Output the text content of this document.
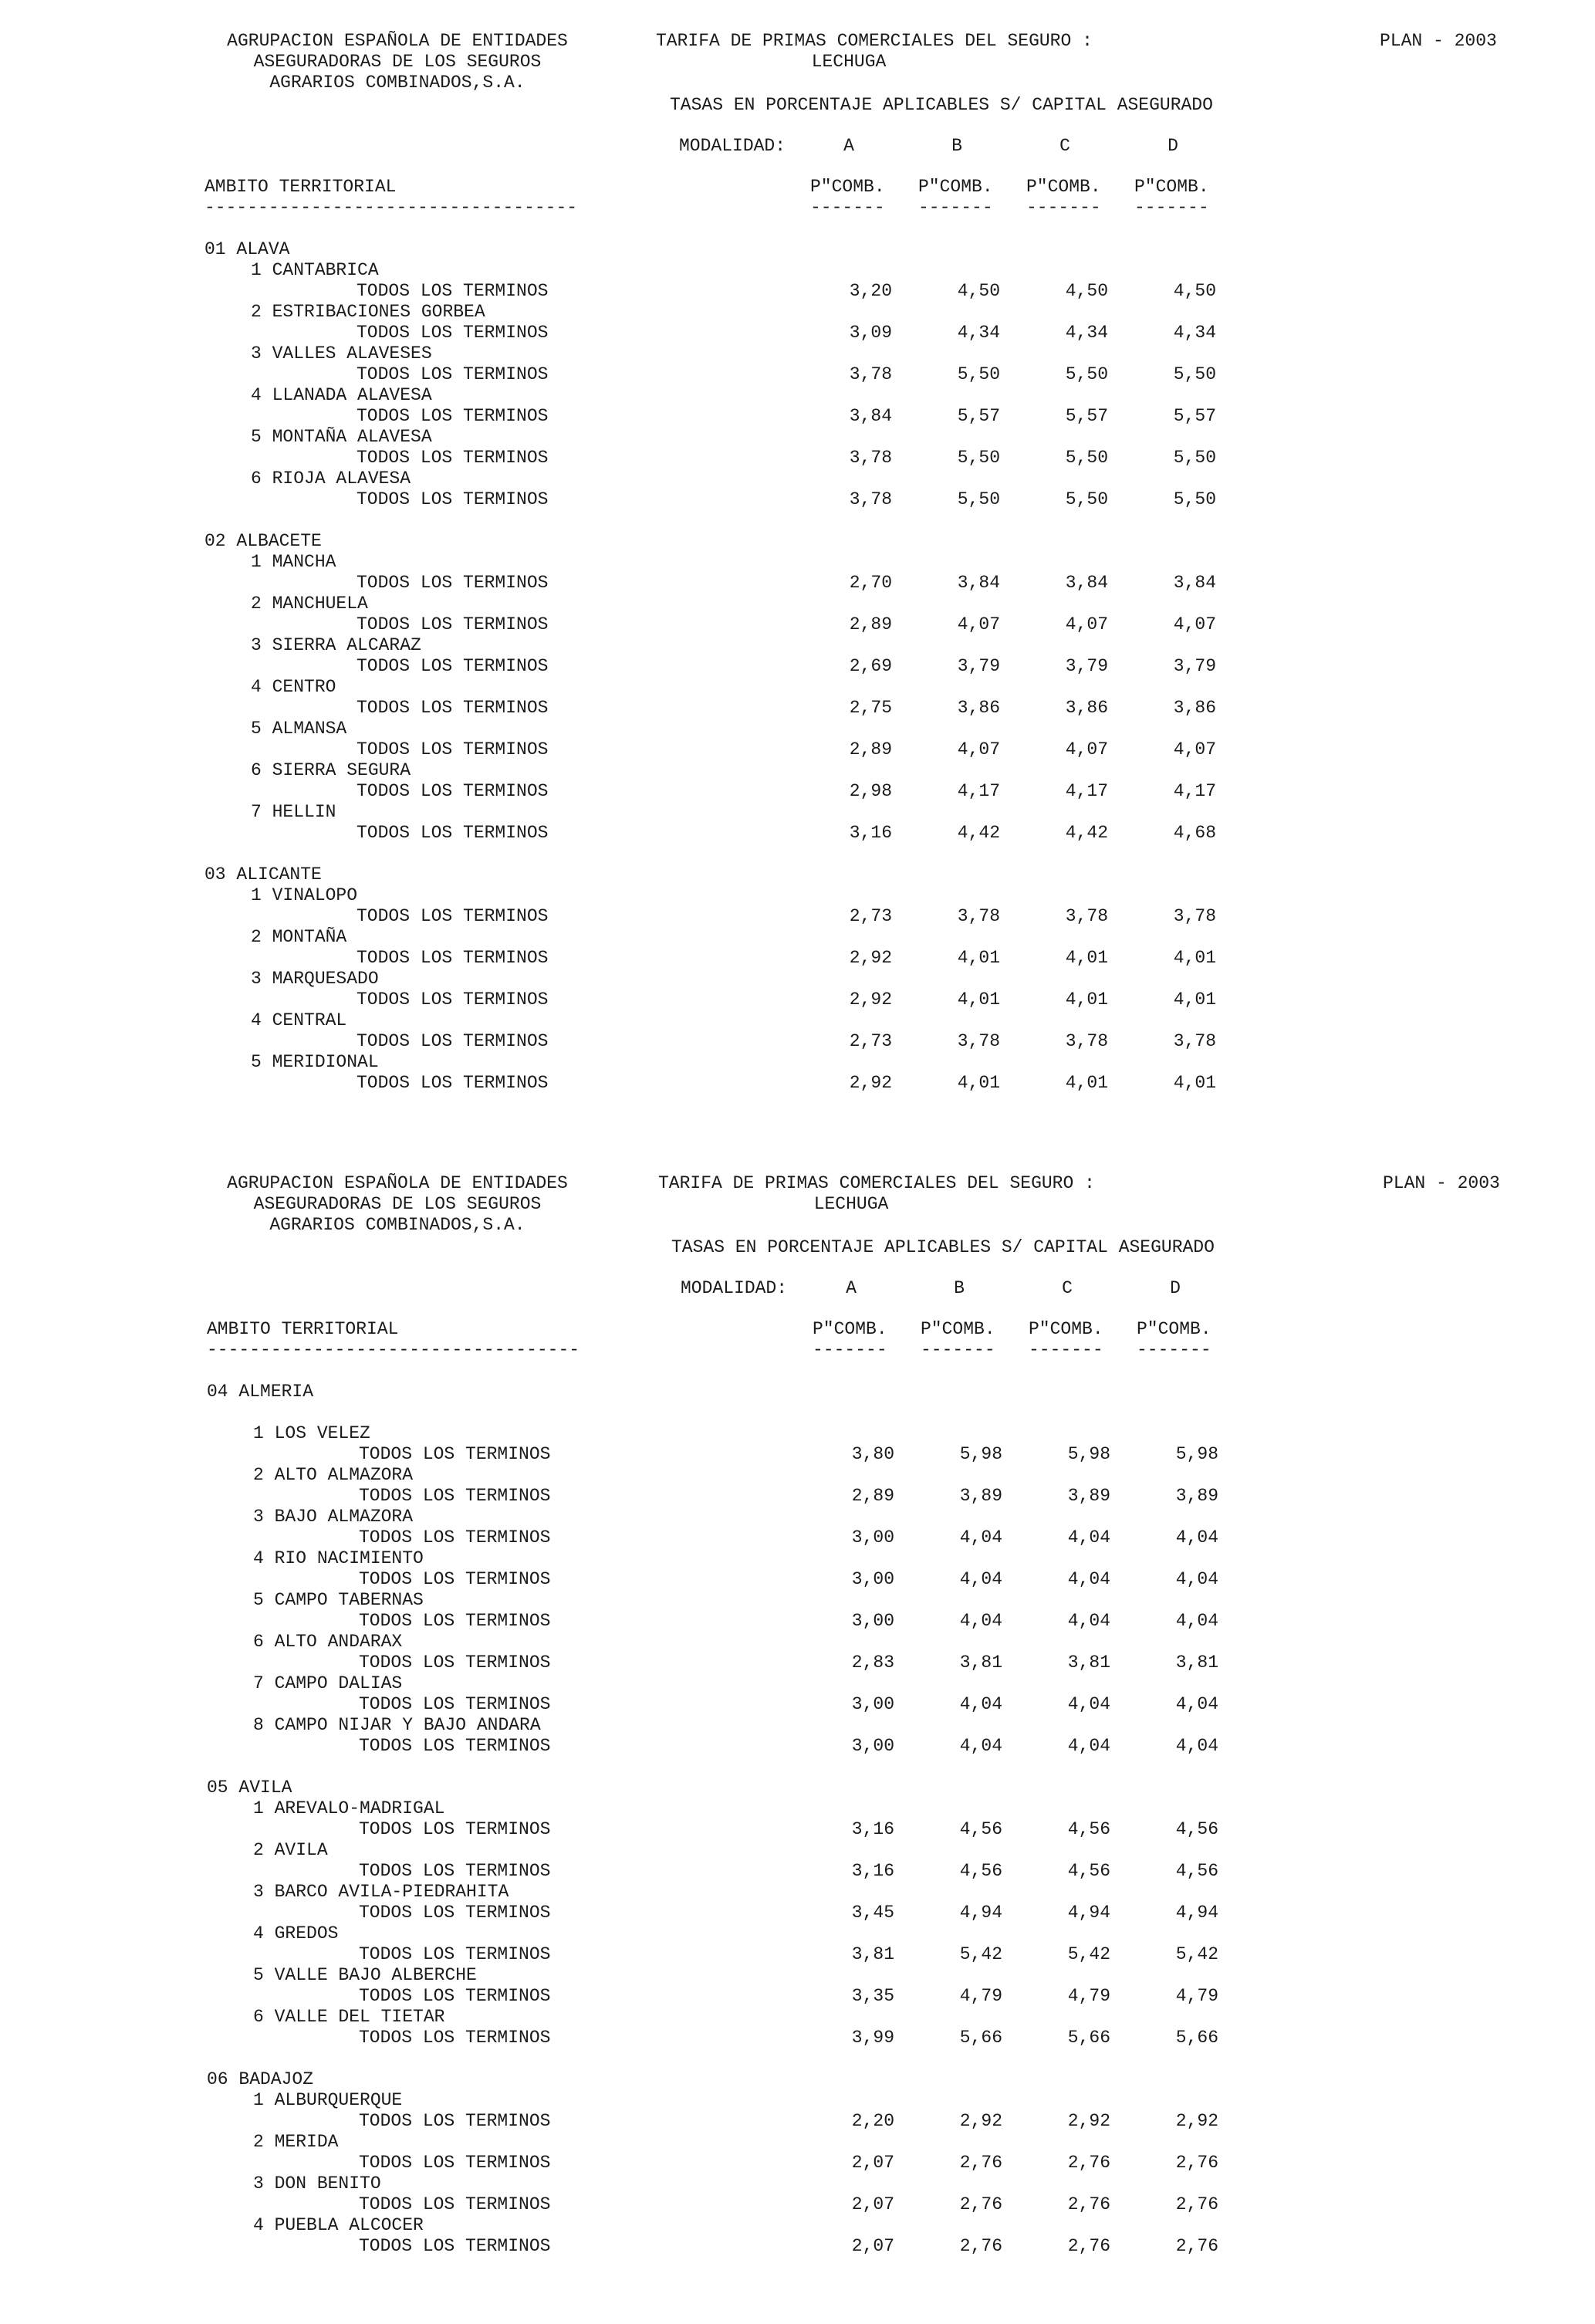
AGRUPACION ESPAÑOLA DE ENTIDADES
ASEGURADORAS DE LOS SEGUROS
AGRARIOS COMBINADOS,S.A.
TARIFA DE PRIMAS COMERCIALES DEL SEGURO :
LECHUGA
PLAN - 2003
TASAS EN PORCENTAJE APLICABLES S/ CAPITAL ASEGURADO
MODALIDAD:	A	B	C	D
AMBITO TERRITORIAL	P"COMB. P"COMB. P"COMB. P"COMB.
-----------------------------------	------- ------- ------- -------
01 ALAVA
1 CANTABRICA
TODOS LOS TERMINOS	3,20	4,50	4,50	4,50
2 ESTRIBACIONES GORBEA
TODOS LOS TERMINOS	3,09	4,34	4,34	4,34
3 VALLES ALAVESES
TODOS LOS TERMINOS	3,78	5,50	5,50	5,50
4 LLANADA ALAVESA
TODOS LOS TERMINOS	3,84	5,57	5,57	5,57
5 MONTAÑA ALAVESA
TODOS LOS TERMINOS	3,78	5,50	5,50	5,50
6 RIOJA ALAVESA
TODOS LOS TERMINOS	3,78	5,50	5,50	5,50
02 ALBACETE
1 MANCHA
TODOS LOS TERMINOS	2,70	3,84	3,84	3,84
2 MANCHUELA
TODOS LOS TERMINOS	2,89	4,07	4,07	4,07
3 SIERRA ALCARAZ
TODOS LOS TERMINOS	2,69	3,79	3,79	3,79
4 CENTRO
TODOS LOS TERMINOS	2,75	3,86	3,86	3,86
5 ALMANSA
TODOS LOS TERMINOS	2,89	4,07	4,07	4,07
6 SIERRA SEGURA
TODOS LOS TERMINOS	2,98	4,17	4,17	4,17
7 HELLIN
TODOS LOS TERMINOS	3,16	4,42	4,42	4,68
03 ALICANTE
1 VINALOPO
TODOS LOS TERMINOS	2,73	3,78	3,78	3,78
2 MONTAÑA
TODOS LOS TERMINOS	2,92	4,01	4,01	4,01
3 MARQUESADO
TODOS LOS TERMINOS	2,92	4,01	4,01	4,01
4 CENTRAL
TODOS LOS TERMINOS	2,73	3,78	3,78	3,78
5 MERIDIONAL
TODOS LOS TERMINOS	2,92	4,01	4,01	4,01
AGRUPACION ESPAÑOLA DE ENTIDADES
ASEGURADORAS DE LOS SEGUROS
AGRARIOS COMBINADOS,S.A.
TARIFA DE PRIMAS COMERCIALES DEL SEGURO :
LECHUGA
PLAN - 2003
TASAS EN PORCENTAJE APLICABLES S/ CAPITAL ASEGURADO
MODALIDAD:	A	B	C	D
AMBITO TERRITORIAL	P"COMB. P"COMB. P"COMB. P"COMB.
-----------------------------------	------- ------- ------- -------
04 ALMERIA
1 LOS VELEZ
TODOS LOS TERMINOS	3,80	5,98	5,98	5,98
2 ALTO ALMAZORA
TODOS LOS TERMINOS	2,89	3,89	3,89	3,89
3 BAJO ALMAZORA
TODOS LOS TERMINOS	3,00	4,04	4,04	4,04
4 RIO NACIMIENTO
TODOS LOS TERMINOS	3,00	4,04	4,04	4,04
5 CAMPO TABERNAS
TODOS LOS TERMINOS	3,00	4,04	4,04	4,04
6 ALTO ANDARAX
TODOS LOS TERMINOS	2,83	3,81	3,81	3,81
7 CAMPO DALIAS
TODOS LOS TERMINOS	3,00	4,04	4,04	4,04
8 CAMPO NIJAR Y BAJO ANDARA
TODOS LOS TERMINOS	3,00	4,04	4,04	4,04
05 AVILA
1 AREVALO-MADRIGAL
TODOS LOS TERMINOS	3,16	4,56	4,56	4,56
2 AVILA
TODOS LOS TERMINOS	3,16	4,56	4,56	4,56
3 BARCO AVILA-PIEDRAHITA
TODOS LOS TERMINOS	3,45	4,94	4,94	4,94
4 GREDOS
TODOS LOS TERMINOS	3,81	5,42	5,42	5,42
5 VALLE BAJO ALBERCHE
TODOS LOS TERMINOS	3,35	4,79	4,79	4,79
6 VALLE DEL TIETAR
TODOS LOS TERMINOS	3,99	5,66	5,66	5,66
06 BADAJOZ
1 ALBURQUERQUE
TODOS LOS TERMINOS	2,20	2,92	2,92	2,92
2 MERIDA
TODOS LOS TERMINOS	2,07	2,76	2,76	2,76
3 DON BENITO
TODOS LOS TERMINOS	2,07	2,76	2,76	2,76
4 PUEBLA ALCOCER
TODOS LOS TERMINOS	2,07	2,76	2,76	2,76
